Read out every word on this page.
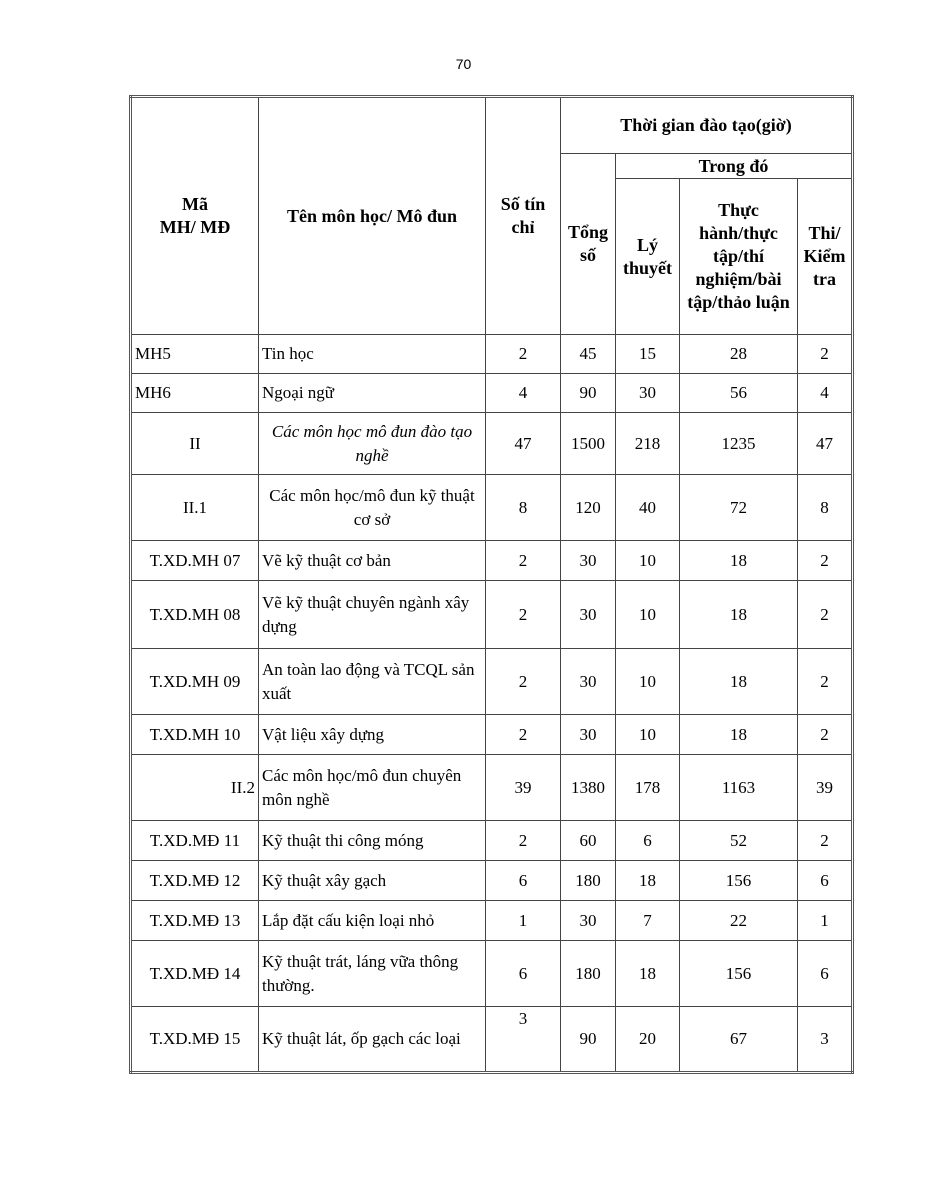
70
Mã
MH/ MĐ	Tên môn học/ Mô đun	Số tín chỉ	Thời gian đào tạo(giờ)			
			Tổng số	Trong đó		
				Lý thuyết	Thực hành/thực tập/thí nghiệm/bài tập/thảo luận	Thi/ Kiểm tra
MH5	Tin học	2	45	15	28	2
MH6	Ngoại ngữ	4	90	30	56	4
II	Các môn học mô đun đào tạo nghề	47	1500	218	1235	47
II.1	Các môn học/mô đun kỹ thuật cơ sở	8	120	40	72	8
T.XD.MH 07	Vẽ kỹ thuật cơ bản	2	30	10	18	2
T.XD.MH 08	Vẽ kỹ thuật chuyên ngành xây dựng	2	30	10	18	2
T.XD.MH 09	An toàn lao động và TCQL sản xuất	2	30	10	18	2
T.XD.MH 10	Vật liệu xây dựng	2	30	10	18	2
II.2	Các môn học/mô đun chuyên môn nghề	39	1380	178	1163	39
T.XD.MĐ 11	Kỹ thuật thi công móng	2	60	6	52	2
T.XD.MĐ 12	Kỹ thuật xây gạch	6	180	18	156	6
T.XD.MĐ 13	Lắp đặt cấu kiện loại nhỏ	1	30	7	22	1
T.XD.MĐ 14	Kỹ thuật trát, láng vữa thông thường.	6	180	18	156	6
T.XD.MĐ 15	Kỹ thuật lát, ốp gạch các loại	3	90	20	67	3
